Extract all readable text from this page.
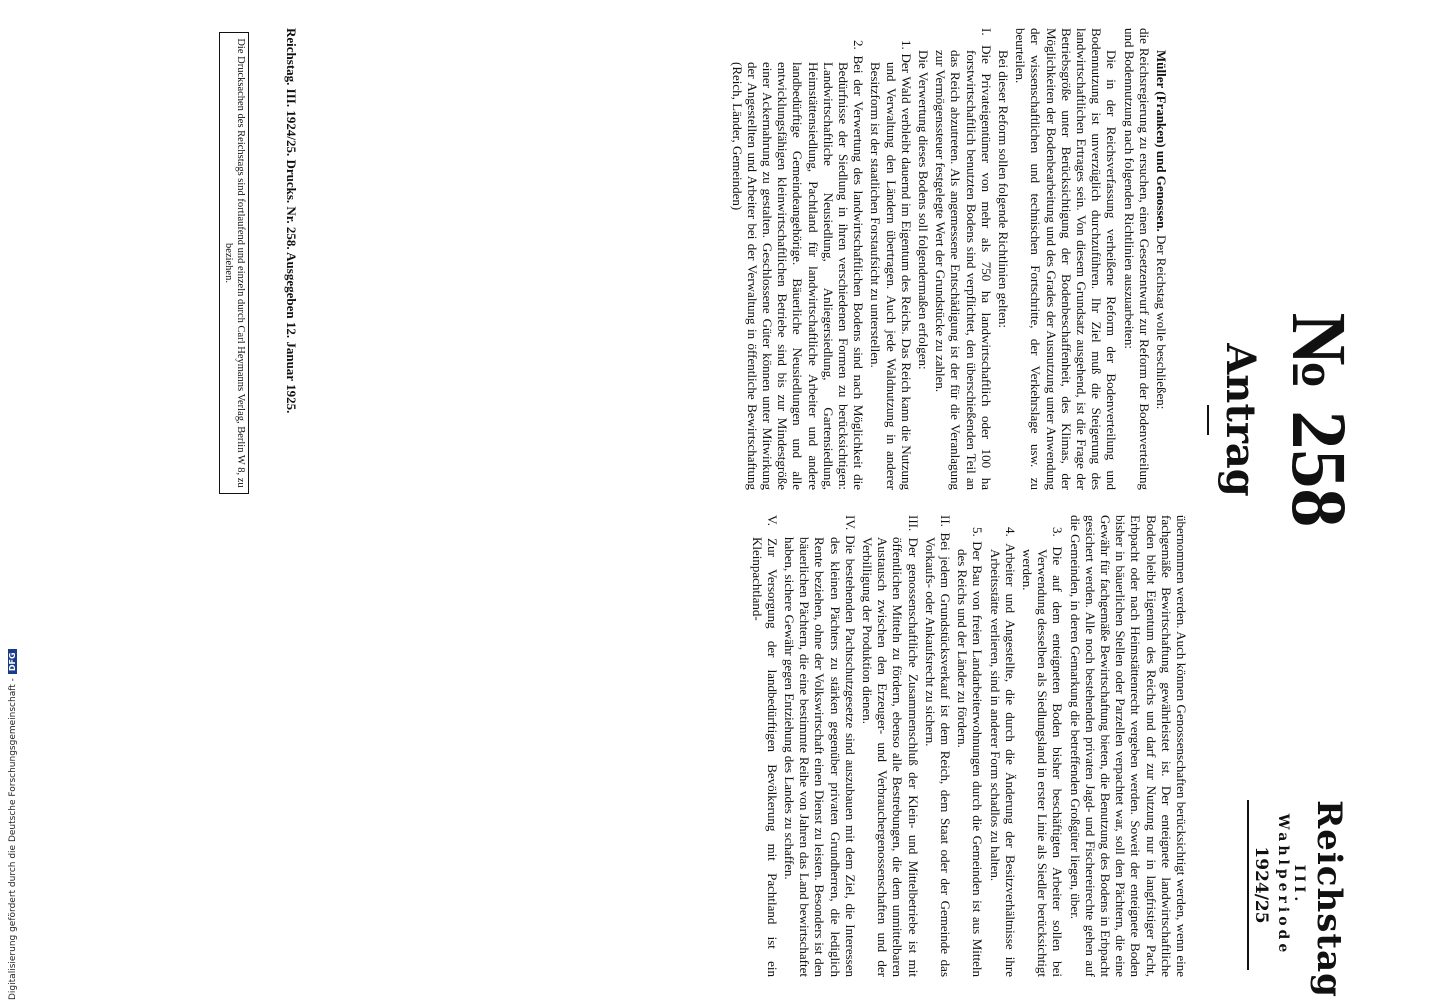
№ 258
Antrag
Reichstag
III. Wahlperiode
1924/25

Müller (Franken) und Genossen. Der Reichstag wolle beschließen:

die Reichsregierung zu ersuchen, einen Gesetzentwurf zur Reform der Bodenverteilung und Bodennutzung nach folgenden Richtlinien auszuarbeiten:

Die in der Reichsverfassung verheißene Reform der Bodenverteilung und Bodennutzung ist unverzüglich durchzuführen. Ihr Ziel muß die Steigerung des landwirtschaftlichen Ertrages sein. Von diesem Grundsatz ausgehend, ist die Frage der Betriebsgröße unter Berücksichtigung der Bodenbeschaffenheit, des Klimas, der Möglichkeiten der Bodenbearbeitung und des Grades der Ausnutzung unter Anwendung der wissenschaftlichen und technischen Fortschritte, der Verkehrslage usw. zu beurteilen.

Bei dieser Reform sollen folgende Richtlinien gelten:

I. Die Privateigentümer von mehr als 750 ha landwirtschaftlich oder 100 ha forstwirtschaftlich benutzten Bodens sind verpflichtet, den überschießenden Teil an das Reich abzutreten. Als angemessene Entschädigung ist der für die Veranlagung zur Vermögenssteuer festgelegte Wert der Grundstücke zu zahlen.

Die Verwertung dieses Bodens soll folgendermaßen erfolgen:

1. Der Wald verbleibt dauernd im Eigentum des Reichs. Das Reich kann die Nutzung und Verwaltung den Ländern übertragen. Auch jede Waldnutzung in anderer Besitzform ist der staatlichen Forstaufsicht zu unterstellen.

2. Bei der Verwertung des landwirtschaftlichen Bodens sind nach Möglichkeit die Bedürfnisse der Siedlung in ihren verschiedenen Formen zu berücksichtigen: Landwirtschaftliche Neusiedlung, Anliegersiedlung, Gartensiedlung, Heimstättensiedlung, Pachtland für landwirtschaftliche Arbeiter und andere landbedürftige Gemeindeangehörige. Bäuerliche Neusiedlungen und alle entwicklungsfähigen kleinwirtschaftlichen Betriebe sind bis zur Mindestgröße einer Ackernahrung zu gestalten. Geschlossene Güter können unter Mitwirkung der Angestellten und Arbeiter bei der Verwaltung in öffentliche Bewirtschaftung (Reich, Länder, Gemeinden)

übernommen werden. Auch können Genossenschaften berücksichtigt werden, wenn eine fachgemäße Bewirtschaftung gewährleistet ist. Der enteignete landwirtschaftliche Boden bleibt Eigentum des Reichs und darf zur Nutzung nur in langfristiger Pacht, Erbpacht oder nach Heimstättenrecht vergeben werden. Soweit der enteignete Boden bisher in bäuerlichen Stellen oder Parzellen verpachtet war, soll den Pächtern, die eine Gewähr für fachgemäße Bewirtschaftung bieten, die Benutzung des Bodens in Erbpacht gesichert werden. Alle noch bestehenden privaten Jagd- und Fischereirechte gehen auf die Gemeinden, in deren Gemarkung die betreffenden Großgüter liegen, über.

3. Die auf dem enteigneten Boden bisher beschäftigten Arbeiter sollen bei Verwendung desselben als Siedlungsland in erster Linie als Siedler berücksichtigt werden.

4. Arbeiter und Angestellte, die durch die Änderung der Besitzverhältnisse ihre Arbeitsstätte verlieren, sind in anderer Form schadlos zu halten.

5. Der Bau von freien Landarbeiterwohnungen durch die Gemeinden ist aus Mitteln des Reichs und der Länder zu fördern.

II. Bei jedem Grundstücksverkauf ist dem Reich, dem Staat oder der Gemeinde das Vorkaufs- oder Ankaufsrecht zu sichern.

III. Der genossenschaftliche Zusammenschluß der Klein- und Mittelbetriebe ist mit öffentlichen Mitteln zu fördern, ebenso alle Bestrebungen, die dem unmittelbaren Austausch zwischen den Erzeuger- und Verbrauchergenossenschaften und der Verbilligung der Produktion dienen.

IV. Die bestehenden Pachtschutzgesetze sind auszubauen mit dem Ziel, die Interessen des kleinen Pächters zu stärken gegenüber privaten Grundherren, die lediglich Rente beziehen, ohne der Volkswirtschaft einen Dienst zu leisten. Besonders ist den bäuerlichen Pächtern, die eine bestimmte Reihe von Jahren das Land bewirtschaftet haben, sichere Gewähr gegen Entziehung des Landes zu schaffen.

V. Zur Versorgung der landbedürftigen Bevölkerung mit Pachtland ist ein Kleinpachtland-

Reichstag. III. 1924/25. Drucks. Nr. 258. Ausgegeben 12. Januar 1925.
Die Drucksachen des Reichstags sind fortlaufend und einzeln durch Carl Heymanns Verlag, Berlin W 8, zu beziehen.
Digitalisierung gefördert durch die Deutsche Forschungsgemeinschaft -DFG
